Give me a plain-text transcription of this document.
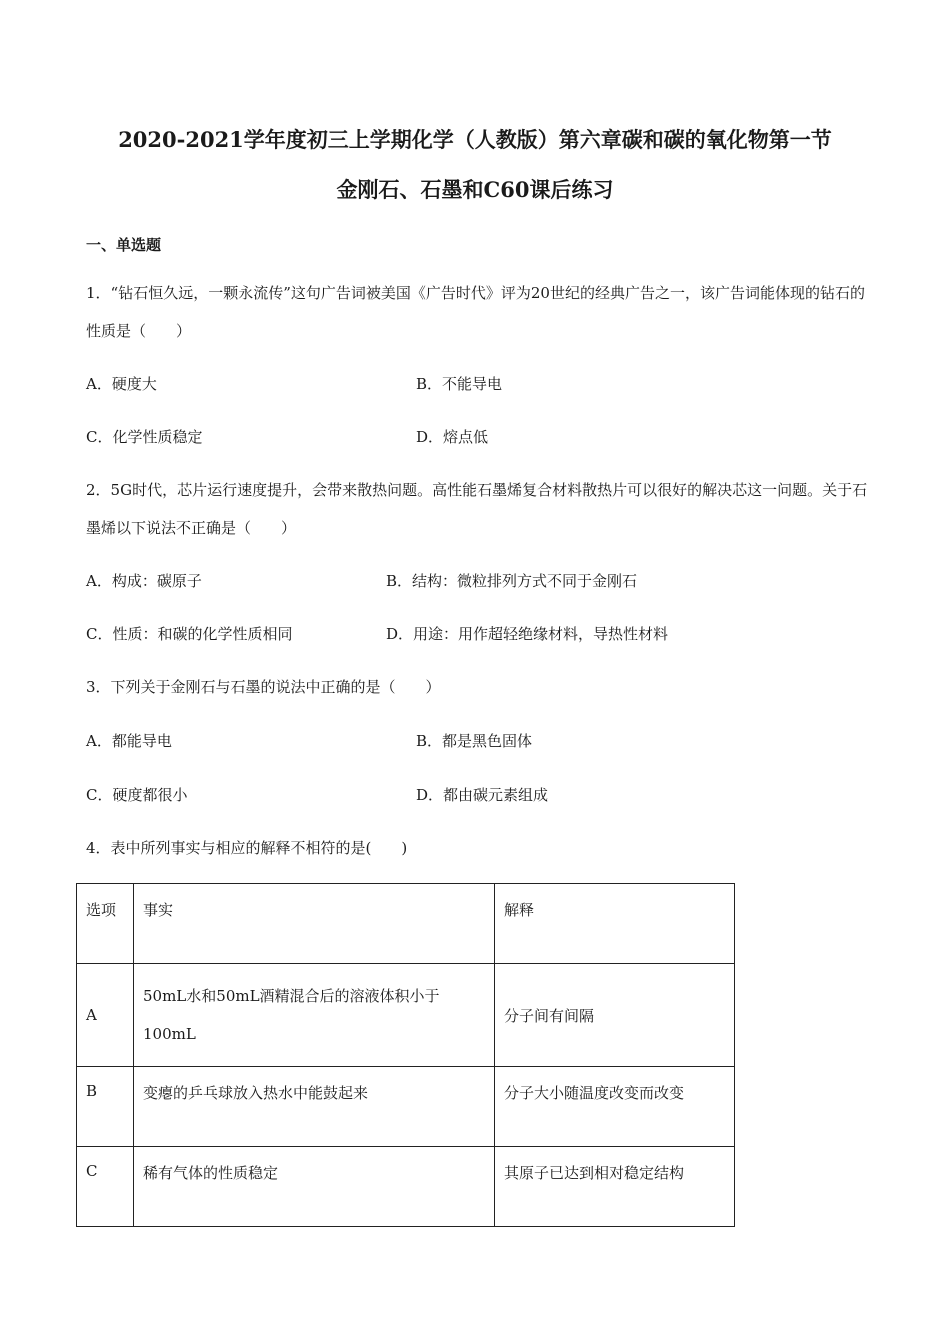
2020-2021学年度初三上学期化学（人教版）第六章碳和碳的氧化物第一节
金刚石、石墨和C60课后练习
一、单选题
1．“钻石恒久远，一颗永流传”这句广告词被美国《广告时代》评为20世纪的经典广告之一，该广告词能体现的钻石的性质是（　　）
A．硬度大	B．不能导电
C．化学性质稳定	D．熔点低
2．5G时代，芯片运行速度提升，会带来散热问题。高性能石墨烯复合材料散热片可以很好的解决芯这一问题。关于石墨烯以下说法不正确是（　　）
A．构成：碳原子	B．结构：微粒排列方式不同于金刚石
C．性质：和碳的化学性质相同	D．用途：用作超轻绝缘材料，导热性材料
3．下列关于金刚石与石墨的说法中正确的是（　　）
A．都能导电	B．都是黑色固体
C．硬度都很小	D．都由碳元素组成
4．表中所列事实与相应的解释不相符的是(　　)
选项	事实	解释
A	50mL水和50mL酒精混合后的溶液体积小于100mL	分子间有间隔
B	变瘪的乒乓球放入热水中能鼓起来	分子大小随温度改变而改变
C	稀有气体的性质稳定	其原子已达到相对稳定结构
